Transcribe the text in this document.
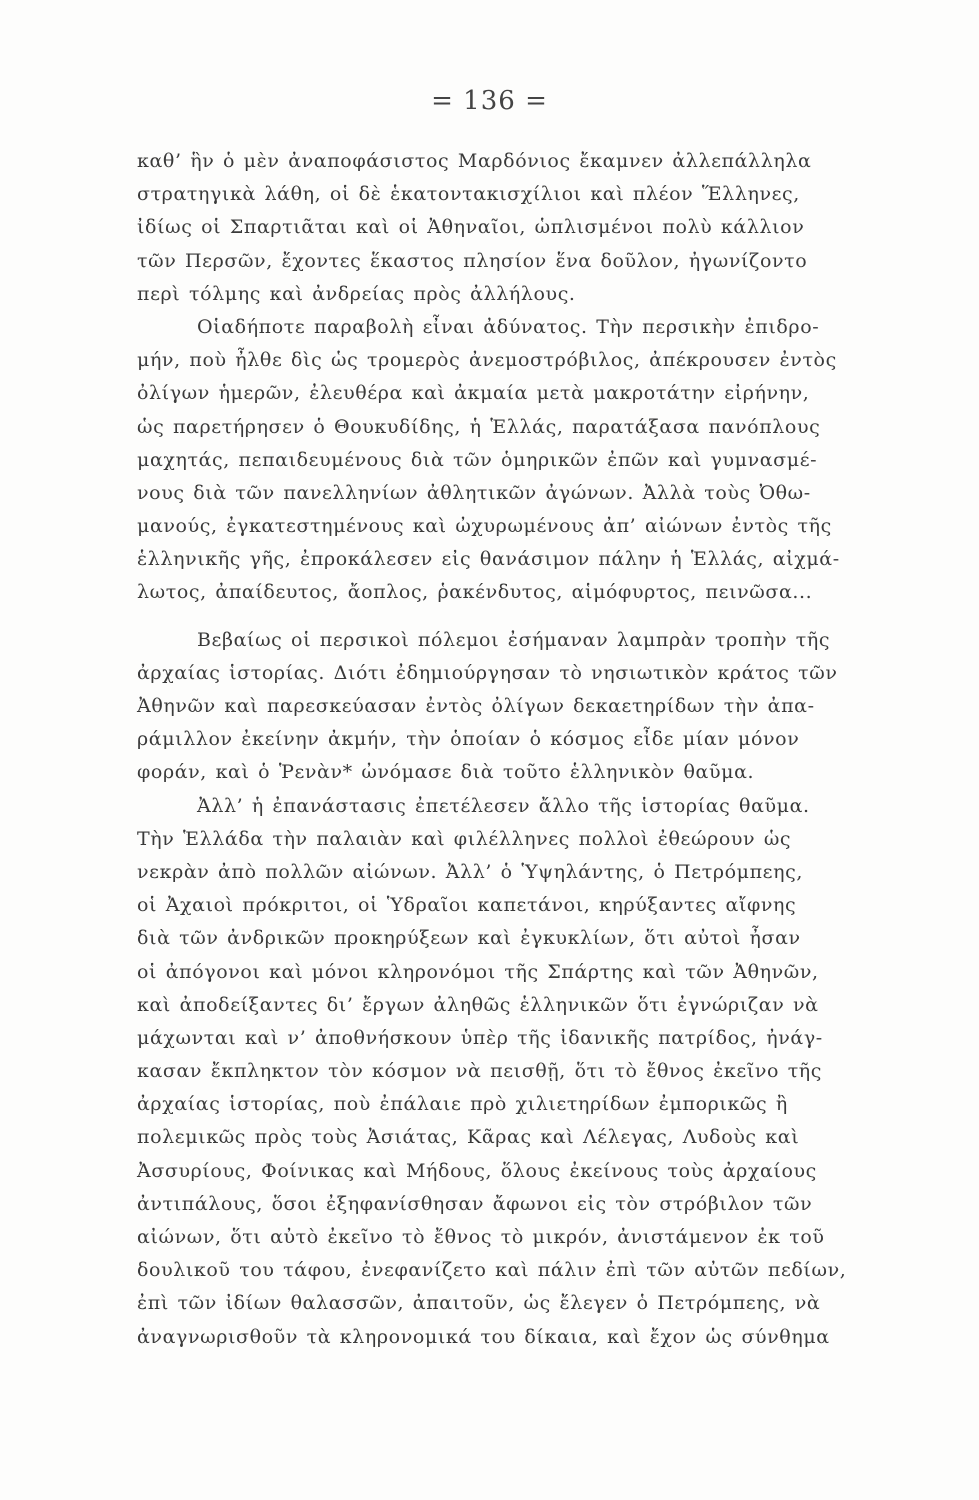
= 136 =
καθ’ ἣν ὁ μὲν ἀναποφάσιστος Μαρδόνιος ἔκαμνεν ἀλλεπάλληλα
στρατηγικὰ λάθη, οἱ δὲ ἑκατοντακισχίλιοι καὶ πλέον Ἕλληνες,
ἰδίως οἱ Σπαρτιᾶται καὶ οἱ Ἀθηναῖοι, ὡπλισμένοι πολὺ κάλλιον
τῶν Περσῶν, ἔχοντες ἕκαστος πλησίον ἕνα δοῦλον, ἠγωνίζοντο
περὶ τόλμης καὶ ἀνδρείας πρὸς ἀλλήλους.
Οἱαδήποτε παραβολὴ εἶναι ἀδύνατος. Τὴν περσικὴν ἐπιδρο-
μήν, ποὺ ἦλθε δὶς ὡς τρομερὸς ἀνεμοστρόβιλος, ἀπέκρουσεν ἐντὸς
ὀλίγων ἡμερῶν, ἐλευθέρα καὶ ἀκμαία μετὰ μακροτάτην εἰρήνην,
ὡς παρετήρησεν ὁ Θουκυδίδης, ἡ Ἑλλάς, παρατάξασα πανόπλους
μαχητάς, πεπαιδευμένους διὰ τῶν ὁμηρικῶν ἐπῶν καὶ γυμνασμέ-
νους διὰ τῶν πανελληνίων ἀθλητικῶν ἀγώνων. Ἀλλὰ τοὺς Ὀθω-
μανούς, ἐγκατεστημένους καὶ ὠχυρωμένους ἀπ’ αἰώνων ἐντὸς τῆς
ἑλληνικῆς γῆς, ἐπροκάλεσεν εἰς θανάσιμον πάλην ἡ Ἑλλάς, αἰχμά-
λωτος, ἀπαίδευτος, ἄοπλος, ῥακένδυτος, αἱμόφυρτος, πεινῶσα...
Βεβαίως οἱ περσικοὶ πόλεμοι ἐσήμαναν λαμπρὰν τροπὴν τῆς
ἀρχαίας ἱστορίας. Διότι ἐδημιούργησαν τὸ νησιωτικὸν κράτος τῶν
Ἀθηνῶν καὶ παρεσκεύασαν ἐντὸς ὀλίγων δεκαετηρίδων τὴν ἀπα-
ράμιλλον ἐκείνην ἀκμήν, τὴν ὁποίαν ὁ κόσμος εἶδε μίαν μόνον
φοράν, καὶ ὁ Ῥενὰν* ὠνόμασε διὰ τοῦτο ἑλληνικὸν θαῦμα.
Ἀλλ’ ἡ ἐπανάστασις ἐπετέλεσεν ἄλλο τῆς ἱστορίας θαῦμα.
Τὴν Ἑλλάδα τὴν παλαιὰν καὶ φιλέλληνες πολλοὶ ἐθεώρουν ὡς
νεκρὰν ἀπὸ πολλῶν αἰώνων. Ἀλλ’ ὁ Ὑψηλάντης, ὁ Πετρόμπεης,
οἱ Ἀχαιοὶ πρόκριτοι, οἱ Ὑδραῖοι καπετάνοι, κηρύξαντες αἴφνης
διὰ τῶν ἀνδρικῶν προκηρύξεων καὶ ἐγκυκλίων, ὅτι αὐτοὶ ἦσαν
οἱ ἀπόγονοι καὶ μόνοι κληρονόμοι τῆς Σπάρτης καὶ τῶν Ἀθηνῶν,
καὶ ἀποδείξαντες δι’ ἔργων ἀληθῶς ἑλληνικῶν ὅτι ἐγνώριζαν νὰ
μάχωνται καὶ ν’ ἀποθνήσκουν ὑπὲρ τῆς ἰδανικῆς πατρίδος, ἠνάγ-
κασαν ἔκπληκτον τὸν κόσμον νὰ πεισθῇ, ὅτι τὸ ἔθνος ἐκεῖνο τῆς
ἀρχαίας ἱστορίας, ποὺ ἐπάλαιε πρὸ χιλιετηρίδων ἐμπορικῶς ἢ
πολεμικῶς πρὸς τοὺς Ἀσιάτας, Κᾶρας καὶ Λέλεγας, Λυδοὺς καὶ
Ἀσσυρίους, Φοίνικας καὶ Μήδους, ὅλους ἐκείνους τοὺς ἀρχαίους
ἀντιπάλους, ὅσοι ἐξηφανίσθησαν ἄφωνοι εἰς τὸν στρόβιλον τῶν
αἰώνων, ὅτι αὐτὸ ἐκεῖνο τὸ ἔθνος τὸ μικρόν, ἀνιστάμενον ἐκ τοῦ
δουλικοῦ του τάφου, ἐνεφανίζετο καὶ πάλιν ἐπὶ τῶν αὐτῶν πεδίων,
ἐπὶ τῶν ἰδίων θαλασσῶν, ἀπαιτοῦν, ὡς ἔλεγεν ὁ Πετρόμπεης, νὰ
ἀναγνωρισθοῦν τὰ κληρονομικά του δίκαια, καὶ ἔχον ὡς σύνθημα
